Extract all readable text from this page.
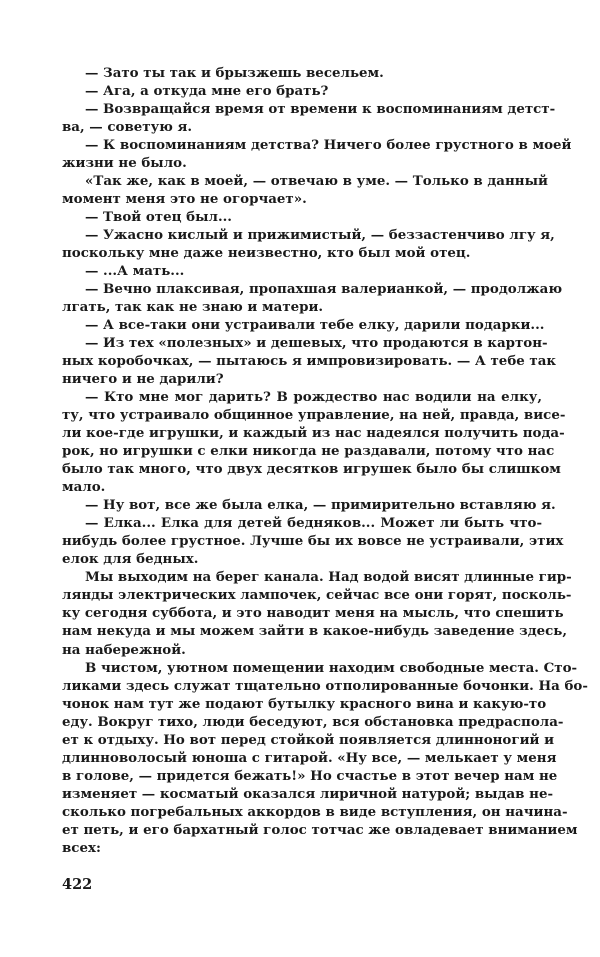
— Зато ты так и брызжешь весельем.
— Ага, а откуда мне его брать?
— Возвращайся время от времени к воспоминаниям детст-
ва, — советую я.
— К воспоминаниям детства? Ничего более грустного в моей
жизни не было.
«Так же, как в моей, — отвечаю в уме. — Только в данный
момент меня это не огорчает».
— Твой отец был...
— Ужасно кислый и прижимистый, — беззастенчиво лгу я,
поскольку мне даже неизвестно, кто был мой отец.
— ...А мать...
— Вечно плаксивая, пропахшая валерианкой, — продолжаю
лгать, так как не знаю и матери.
— А все-таки они устраивали тебе елку, дарили подарки...
— Из тех «полезных» и дешевых, что продаются в картон-
ных коробочках, — пытаюсь я импровизировать. — А тебе так
ничего и не дарили?
— Кто мне мог дарить? В рождество нас водили на елку,
ту, что устраивало общинное управление, на ней, правда, висе-
ли кое-где игрушки, и каждый из нас надеялся получить пода-
рок, но игрушки с елки никогда не раздавали, потому что нас
было так много, что двух десятков игрушек было бы слишком
мало.
— Ну вот, все же была елка, — примирительно вставляю я.
— Елка... Елка для детей бедняков... Может ли быть что-
нибудь более грустное. Лучше бы их вовсе не устраивали, этих
елок для бедных.
Мы выходим на берег канала. Над водой висят длинные гир-
лянды электрических лампочек, сейчас все они горят, посколь-
ку сегодня суббота, и это наводит меня на мысль, что спешить
нам некуда и мы можем зайти в какое-нибудь заведение здесь,
на набережной.
В чистом, уютном помещении находим свободные места. Сто-
ликами здесь служат тщательно отполированные бочонки. На бо-
чонок нам тут же подают бутылку красного вина и какую-то
еду. Вокруг тихо, люди беседуют, вся обстановка предраспола-
ет к отдыху. Но вот перед стойкой появляется длинноногий и
длинноволосый юноша с гитарой. «Ну все, — мелькает у меня
в голове, — придется бежать!» Но счастье в этот вечер нам не
изменяет — косматый оказался лиричной натурой; выдав не-
сколько погребальных аккордов в виде вступления, он начина-
ет петь, и его бархатный голос тотчас же овладевает вниманием
всех:
422
